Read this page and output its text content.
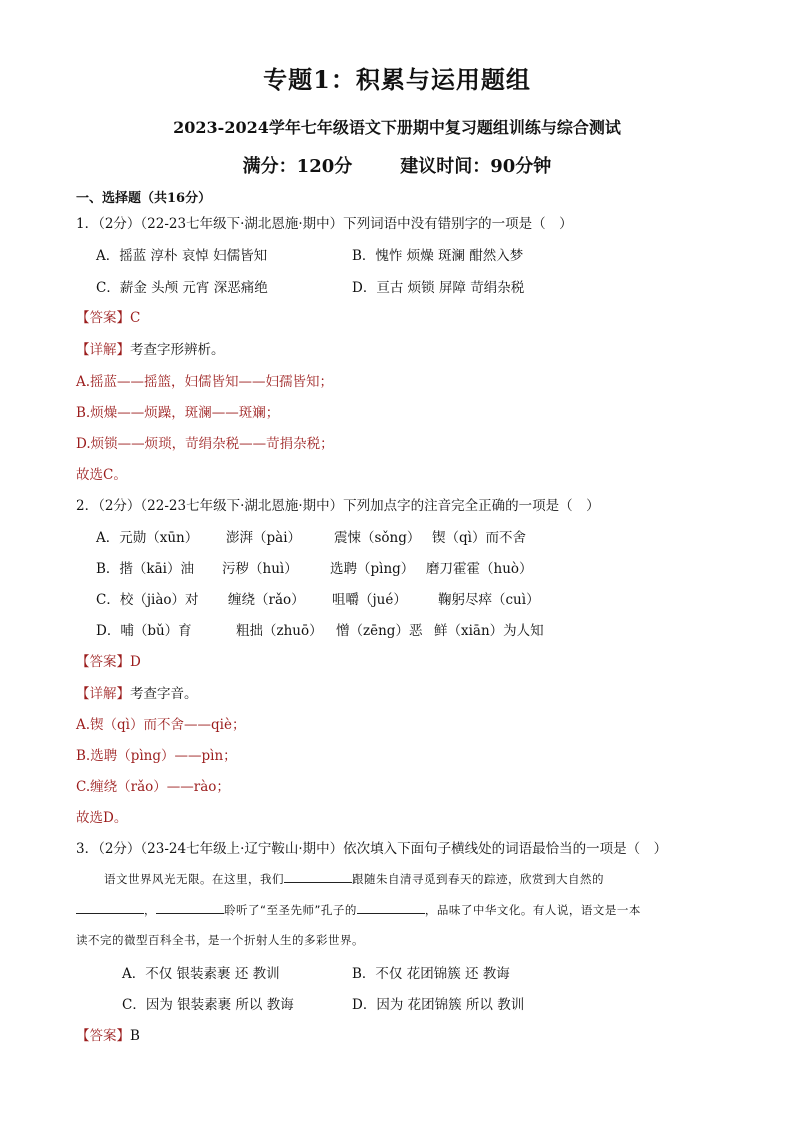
专题1：积累与运用题组
2023-2024学年七年级语文下册期中复习题组训练与综合测试
满分：120分	建议时间：90分钟
一、选择题（共16分）
1．（2分）（22-23七年级下·湖北恩施·期中）下列词语中没有错别字的一项是（　）
A．摇蓝 淳朴 哀悼 妇儒皆知	B．愧怍 烦燥 斑澜 酣然入梦
C．薪金 头颅 元宵 深恶痛绝	D．亘古 烦锁 屏障 苛绢杂税
【答案】C
【详解】考查字形辨析。
A.摇蓝——摇篮，妇儒皆知——妇孺皆知；
B.烦燥——烦躁，斑澜——斑斓；
D.烦锁——烦琐，苛绢杂税——苛捐杂税；
故选C。
2．（2分）（22-23七年级下·湖北恩施·期中）下列加点字的注音完全正确的一项是（　）
A．元勋（xūn） 澎湃（pài） 震悚（sǒng） 锲（qì）而不舍
B．揩（kāi）油 污秽（huì） 选聘（pìng） 磨刀霍霍（huò）
C．校（jiào）对 缠绕（rǎo） 咀嚼（jué） 鞠躬尽瘁（cuì）
D．哺（bǔ）育	粗拙（zhuō） 憎（zēng）恶 鲜（xiān）为人知
【答案】D
【详解】考查字音。
A.锲（qì）而不舍——qiè；
B.选聘（pìng）——pìn；
C.缠绕（rǎo）——rào；
故选D。
3．（2分）（23-24七年级上·辽宁鞍山·期中）依次填入下面句子横线处的词语最恰当的一项是（　）
语文世界风光无限。在这里，我们	跟随朱自清寻觅到春天的踪迹，欣赏到大自然的
，	聆听了“至圣先师”孔子的	，品味了中华文化。有人说，语文是一本
读不完的微型百科全书，是一个折射人生的多彩世界。
A．不仅 银装素裹 还 教训	B．不仅 花团锦簇 还 教诲
C．因为 银装素裹 所以 教诲	D．因为 花团锦簇 所以 教训
【答案】B
